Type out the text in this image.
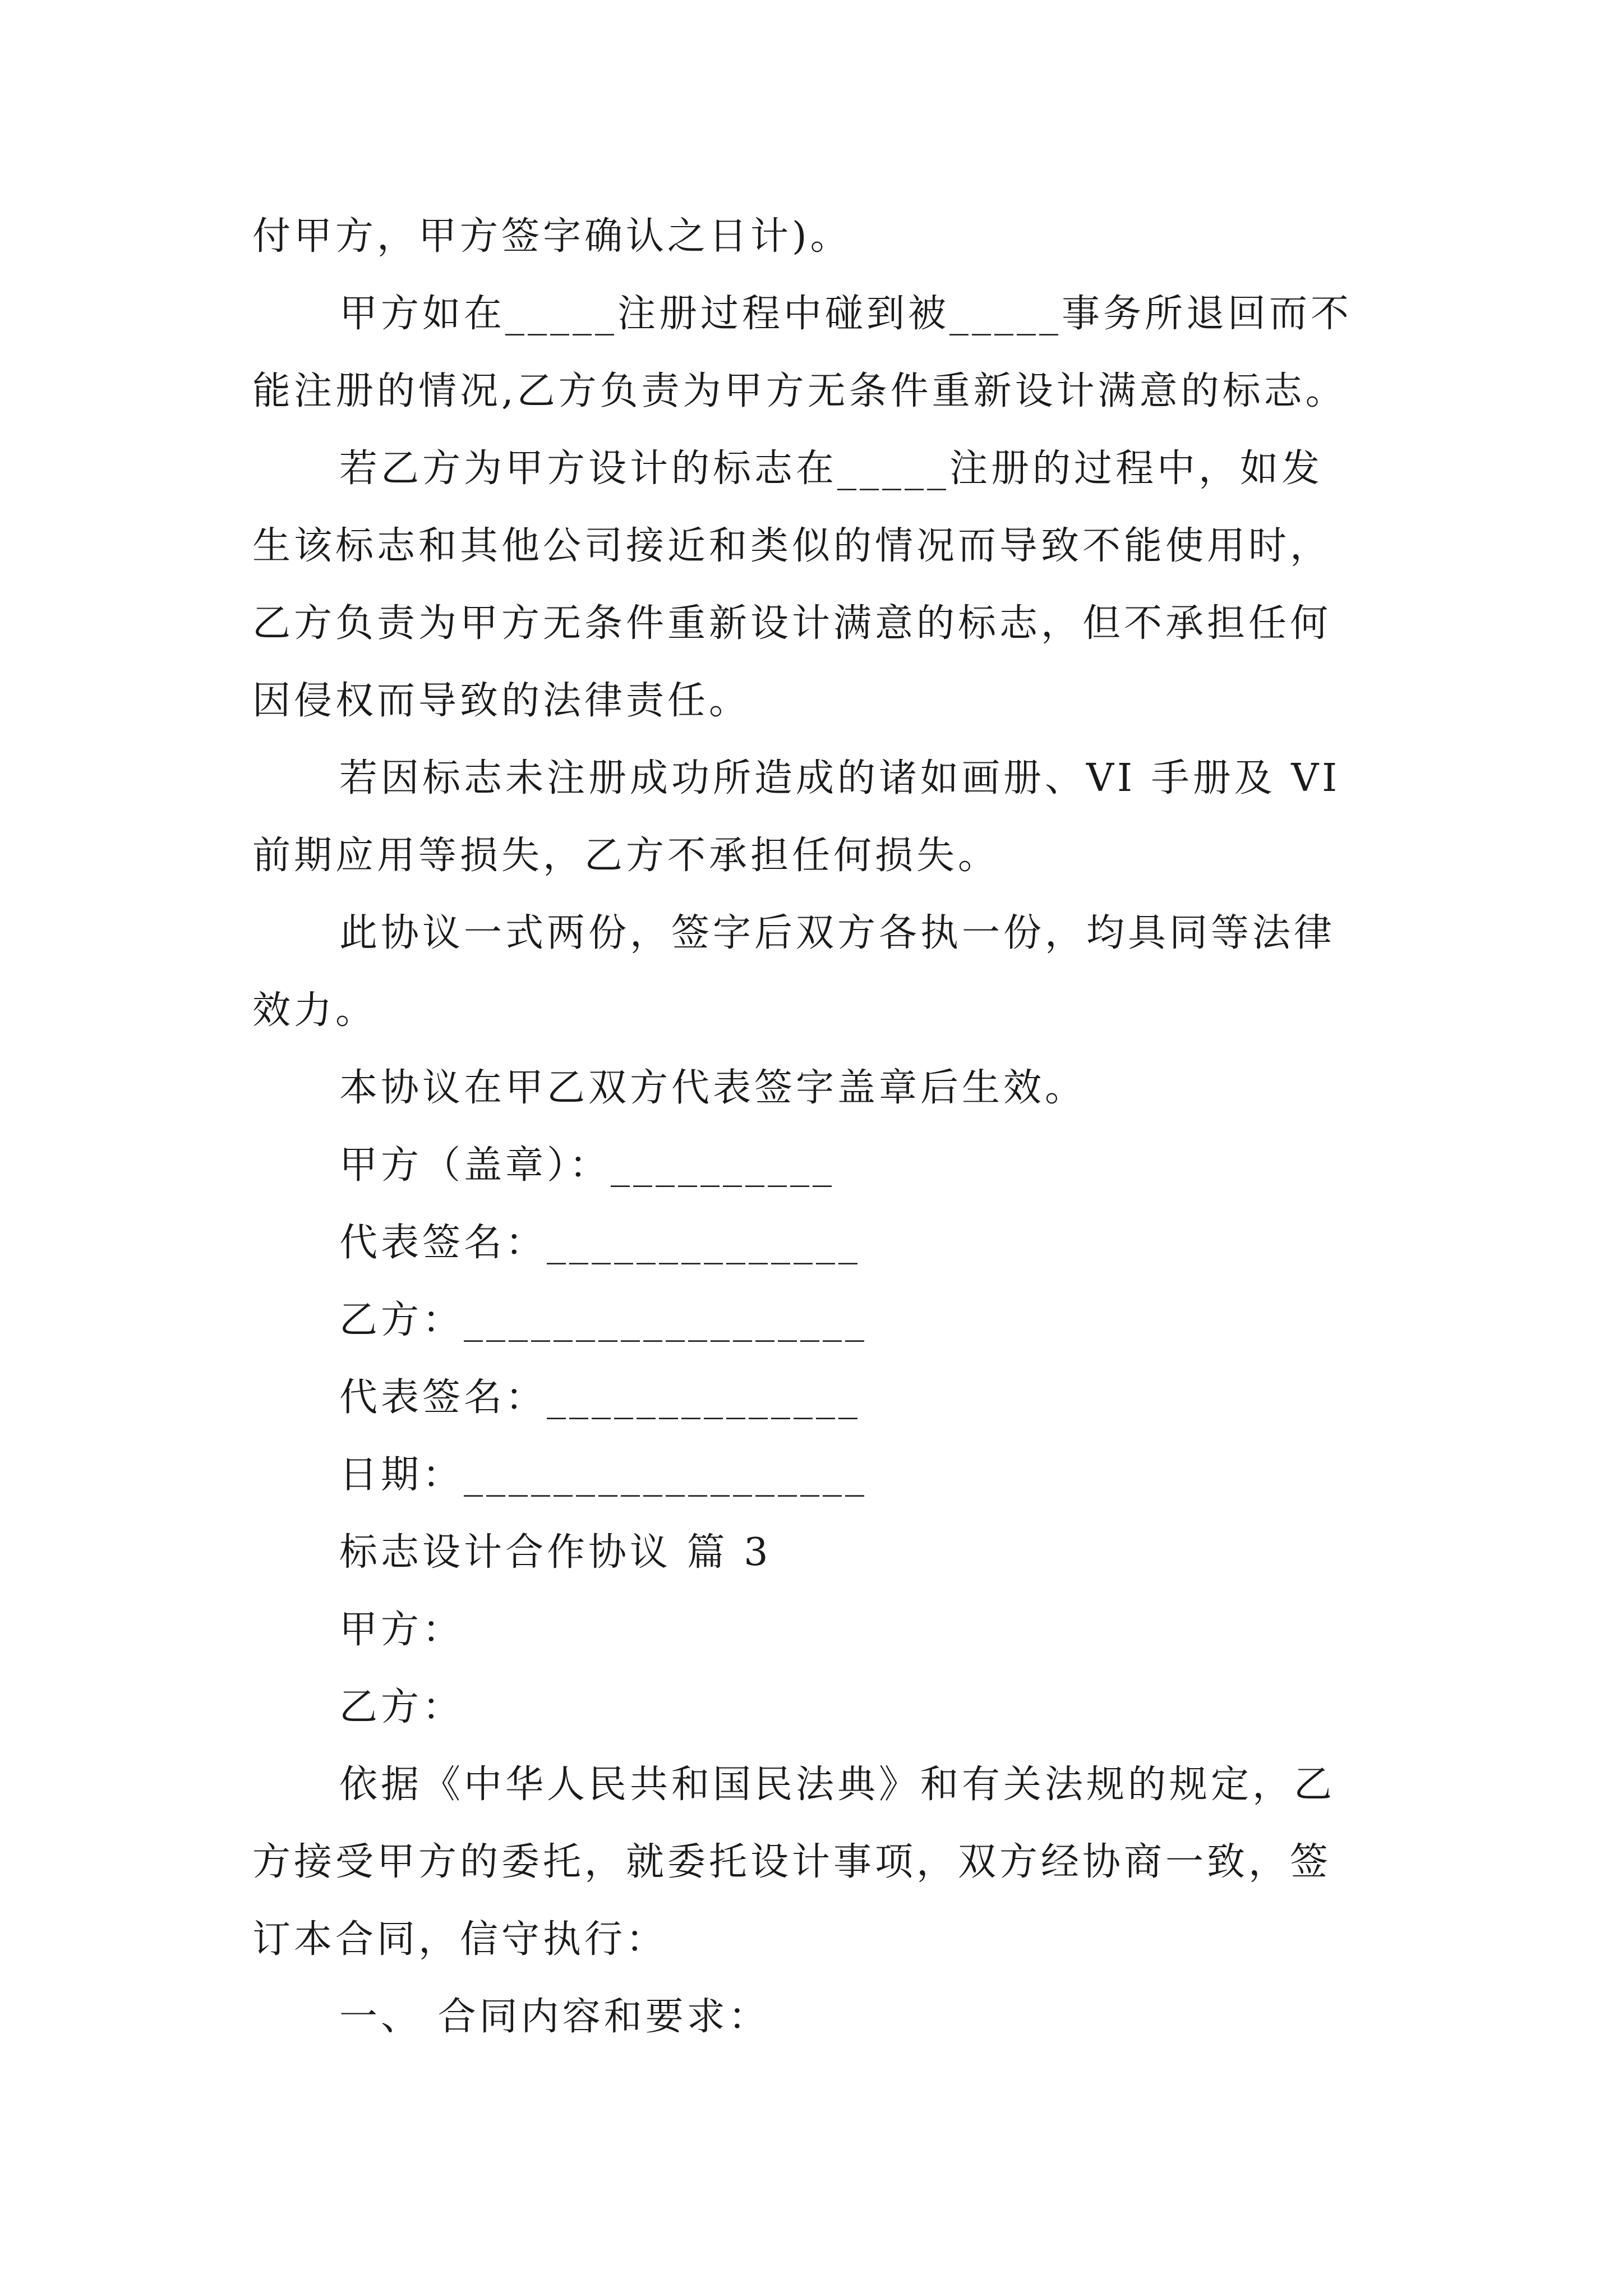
付甲方，甲方签字确认之日计)。
甲方如在_____注册过程中碰到被_____事务所退回而不
能注册的情况,乙方负责为甲方无条件重新设计满意的标志。
若乙方为甲方设计的标志在_____注册的过程中，如发
生该标志和其他公司接近和类似的情况而导致不能使用时，
乙方负责为甲方无条件重新设计满意的标志，但不承担任何
因侵权而导致的法律责任。
若因标志未注册成功所造成的诸如画册、VI 手册及 VI
前期应用等损失，乙方不承担任何损失。
此协议一式两份，签字后双方各执一份，均具同等法律
效力。
本协议在甲乙双方代表签字盖章后生效。
甲方（盖章）：__________
代表签名：______________
乙方：__________________
代表签名：______________
日期：__________________
标志设计合作协议 篇 3
甲方：
乙方：
依据《中华人民共和国民法典》和有关法规的规定，乙
方接受甲方的委托，就委托设计事项，双方经协商一致，签
订本合同，信守执行：
一、 合同内容和要求：
